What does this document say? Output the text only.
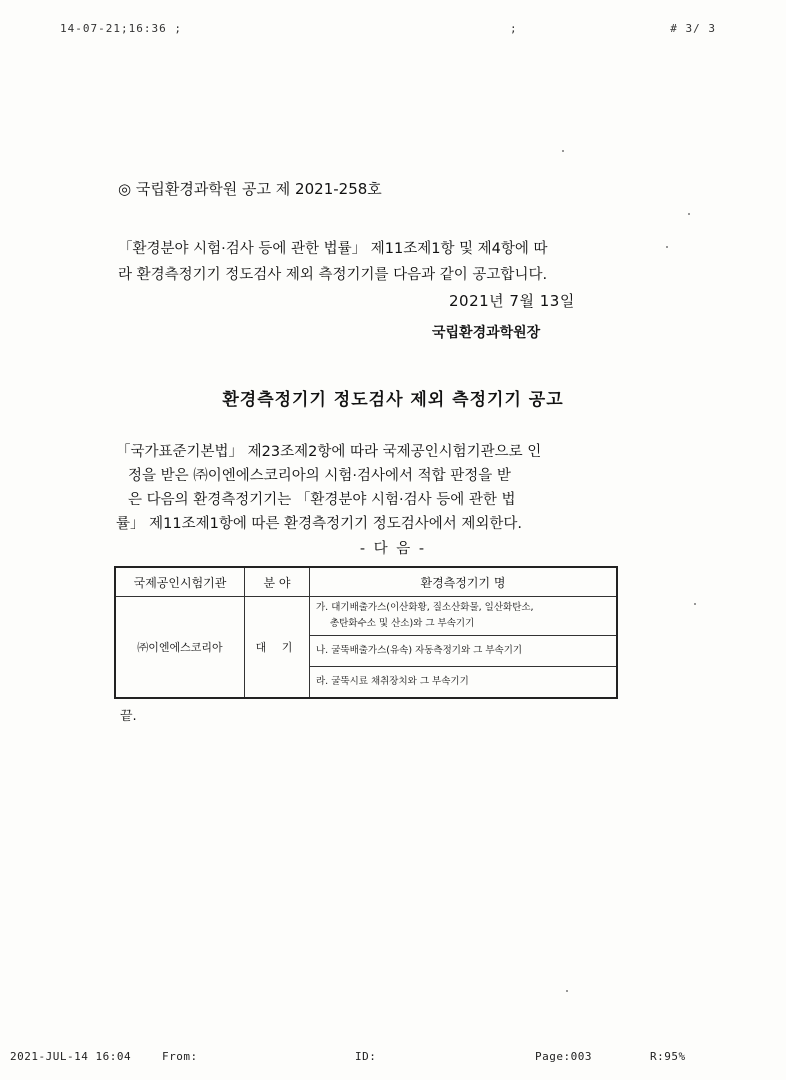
14-07-21;16:36 ;	;	# 3/ 3
◎ 국립환경과학원 공고 제 2021-258호

「환경분야 시험·검사 등에 관한 법률」 제11조제1항 및 제4항에 따

라 환경측정기기 정도검사 제외 측정기기를 다음과 같이 공고합니다.

2021년 7월 13일
국립환경과학원장
환경측정기기 정도검사 제외 측정기기 공고

「국가표준기본법」 제23조제2항에 따라 국제공인시험기관으로 인

정을 받은 ㈜이엔에스코리아의 시험·검사에서 적합 판정을 받

은 다음의 환경측정기기는 「환경분야 시험·검사 등에 관한 법

률」 제11조제1항에 따른 환경측정기기 정도검사에서 제외한다.

- 다 음 -
국제공인시험기관	분 야	환경측정기기 명
㈜이엔에스코리아	대 기	가. 대기배출가스(이산화황, 질소산화물, 일산화탄소,
총탄화수소 및 산소)와 그 부속기기

		나. 굴뚝배출가스(유속) 자동측정기와 그 부속기기

		라. 굴뚝시료 채취장치와 그 부속기기
끝.
2021-JUL-14 16:04	From:	ID:	Page:003	R:95%
